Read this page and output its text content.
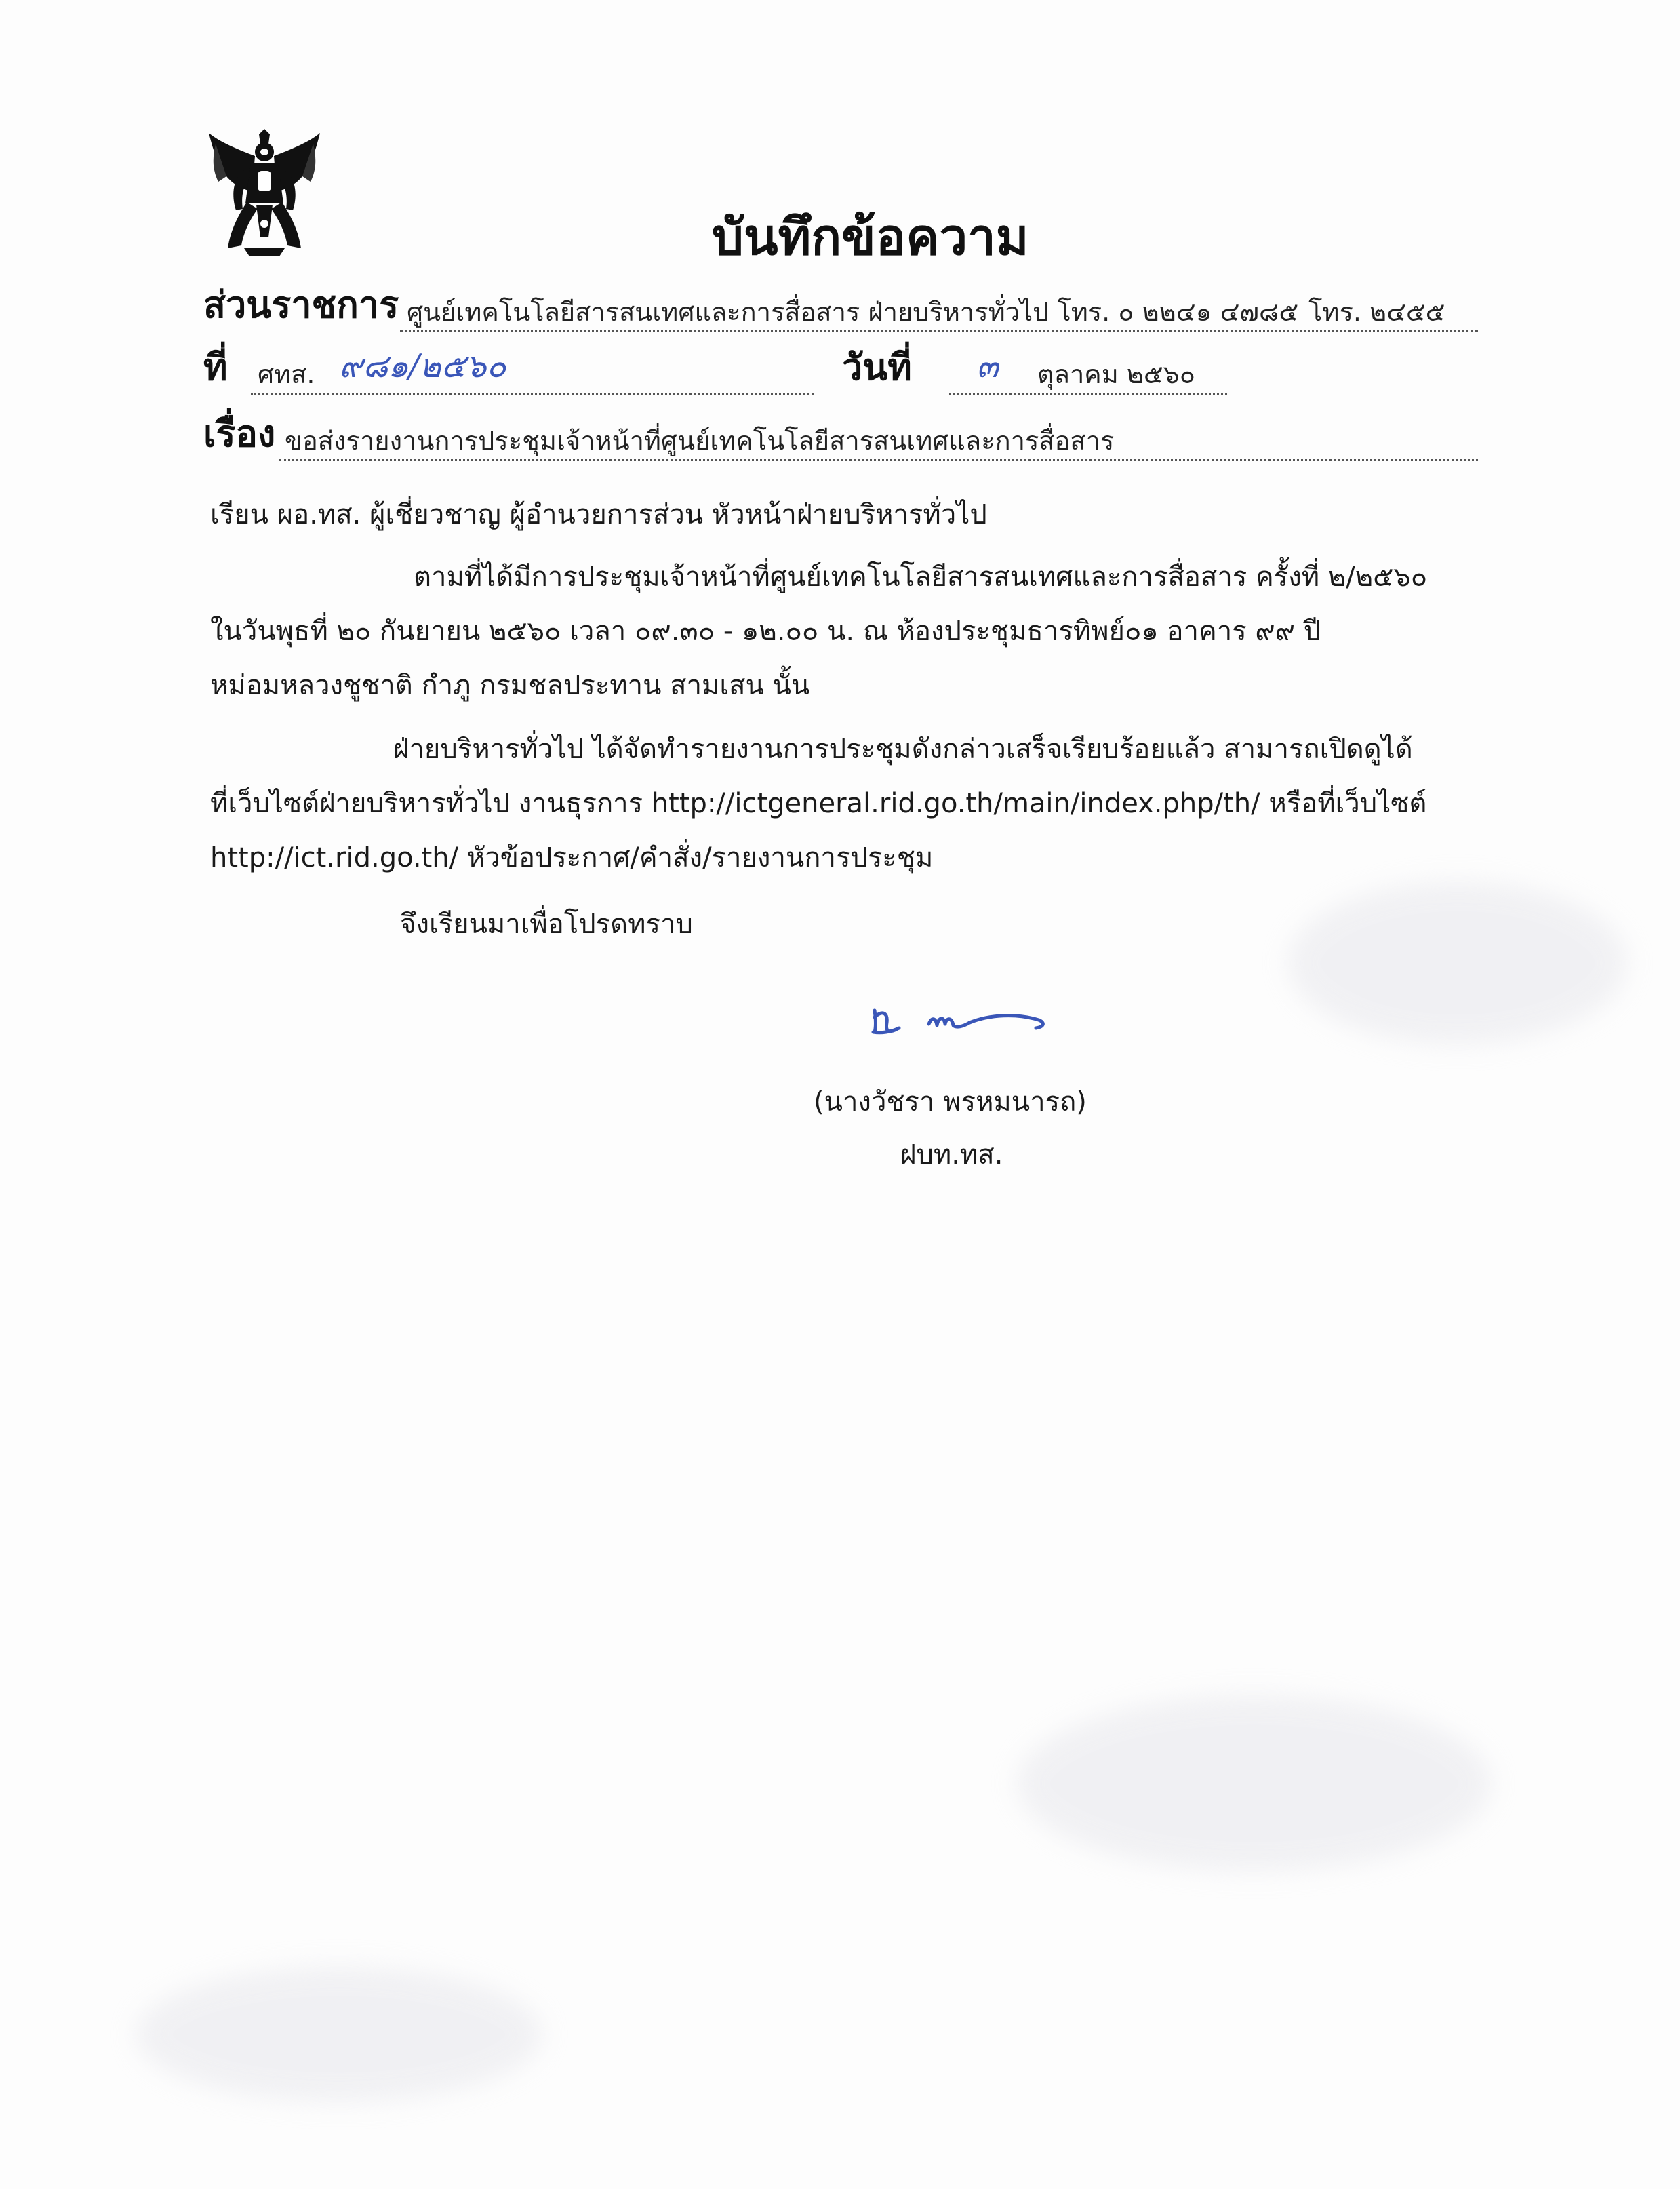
บันทึกข้อความ
ส่วนราชการ ศูนย์เทคโนโลยีสารสนเทศและการสื่อสาร ฝ่ายบริหารทั่วไป โทร. ๐ ๒๒๔๑ ๔๗๘๕ โทร. ๒๔๕๕
ที่ ศทส. ๙๘๑/๒๕๖๐	วันที่ ๓ ตุลาคม ๒๕๖๐
เรื่อง ขอส่งรายงานการประชุมเจ้าหน้าที่ศูนย์เทคโนโลยีสารสนเทศและการสื่อสาร
เรียน ผอ.ทส. ผู้เชี่ยวชาญ ผู้อำนวยการส่วน หัวหน้าฝ่ายบริหารทั่วไป
ตามที่ได้มีการประชุมเจ้าหน้าที่ศูนย์เทคโนโลยีสารสนเทศและการสื่อสาร ครั้งที่ ๒/๒๕๖๐
ในวันพุธที่ ๒๐ กันยายน ๒๕๖๐ เวลา ๐๙.๓๐ - ๑๒.๐๐ น. ณ ห้องประชุมธารทิพย์๐๑ อาคาร ๙๙ ปี
หม่อมหลวงชูชาติ กำภู กรมชลประทาน สามเสน นั้น
ฝ่ายบริหารทั่วไป ได้จัดทำรายงานการประชุมดังกล่าวเสร็จเรียบร้อยแล้ว สามารถเปิดดูได้
ที่เว็บไซต์ฝ่ายบริหารทั่วไป งานธุรการ http://ictgeneral.rid.go.th/main/index.php/th/ หรือที่เว็บไซต์
http://ict.rid.go.th/ หัวข้อประกาศ/คำสั่ง/รายงานการประชุม
จึงเรียนมาเพื่อโปรดทราบ
(นางวัชรา พรหมนารถ)
ฝบท.ทส.
